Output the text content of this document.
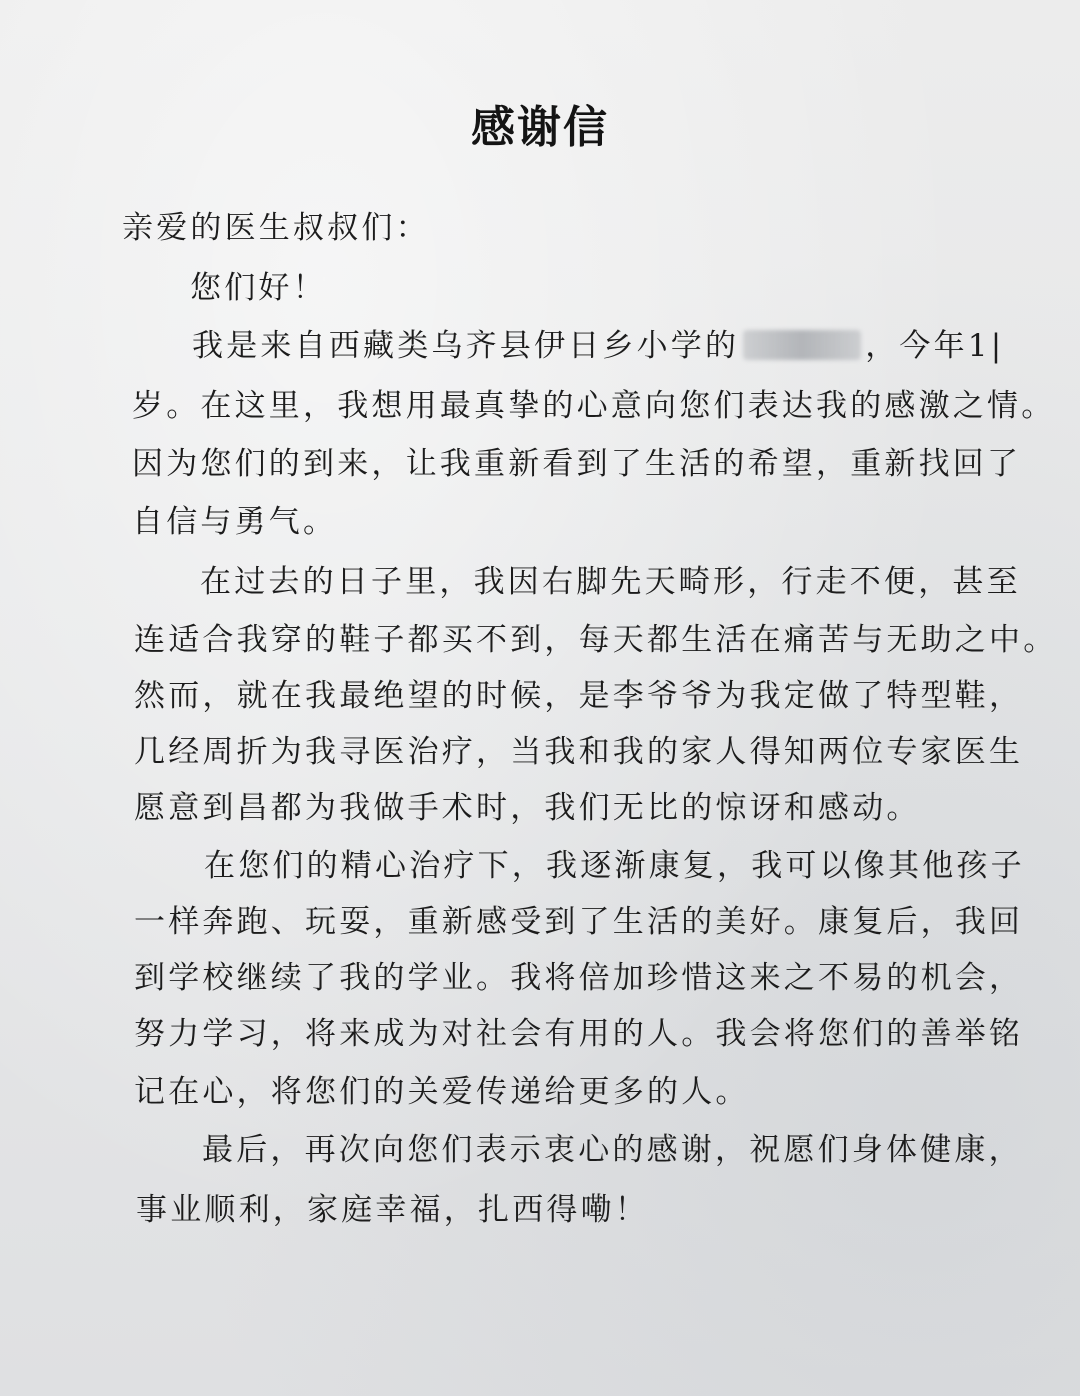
感谢信
亲爱的医生叔叔们：
您们好！
我是来自西藏类乌齐县伊日乡小学的	，今年1|
岁。在这里，我想用最真挚的心意向您们表达我的感激之情。
因为您们的到来，让我重新看到了生活的希望，重新找回了
自信与勇气。
在过去的日子里，我因右脚先天畸形，行走不便，甚至
连适合我穿的鞋子都买不到，每天都生活在痛苦与无助之中。
然而，就在我最绝望的时候，是李爷爷为我定做了特型鞋，
几经周折为我寻医治疗，当我和我的家人得知两位专家医生
愿意到昌都为我做手术时，我们无比的惊讶和感动。
在您们的精心治疗下，我逐渐康复，我可以像其他孩子
一样奔跑、玩耍，重新感受到了生活的美好。康复后，我回
到学校继续了我的学业。我将倍加珍惜这来之不易的机会，
努力学习，将来成为对社会有用的人。我会将您们的善举铭
记在心，将您们的关爱传递给更多的人。
最后，再次向您们表示衷心的感谢，祝愿们身体健康，
事业顺利，家庭幸福，扎西得嘞！
